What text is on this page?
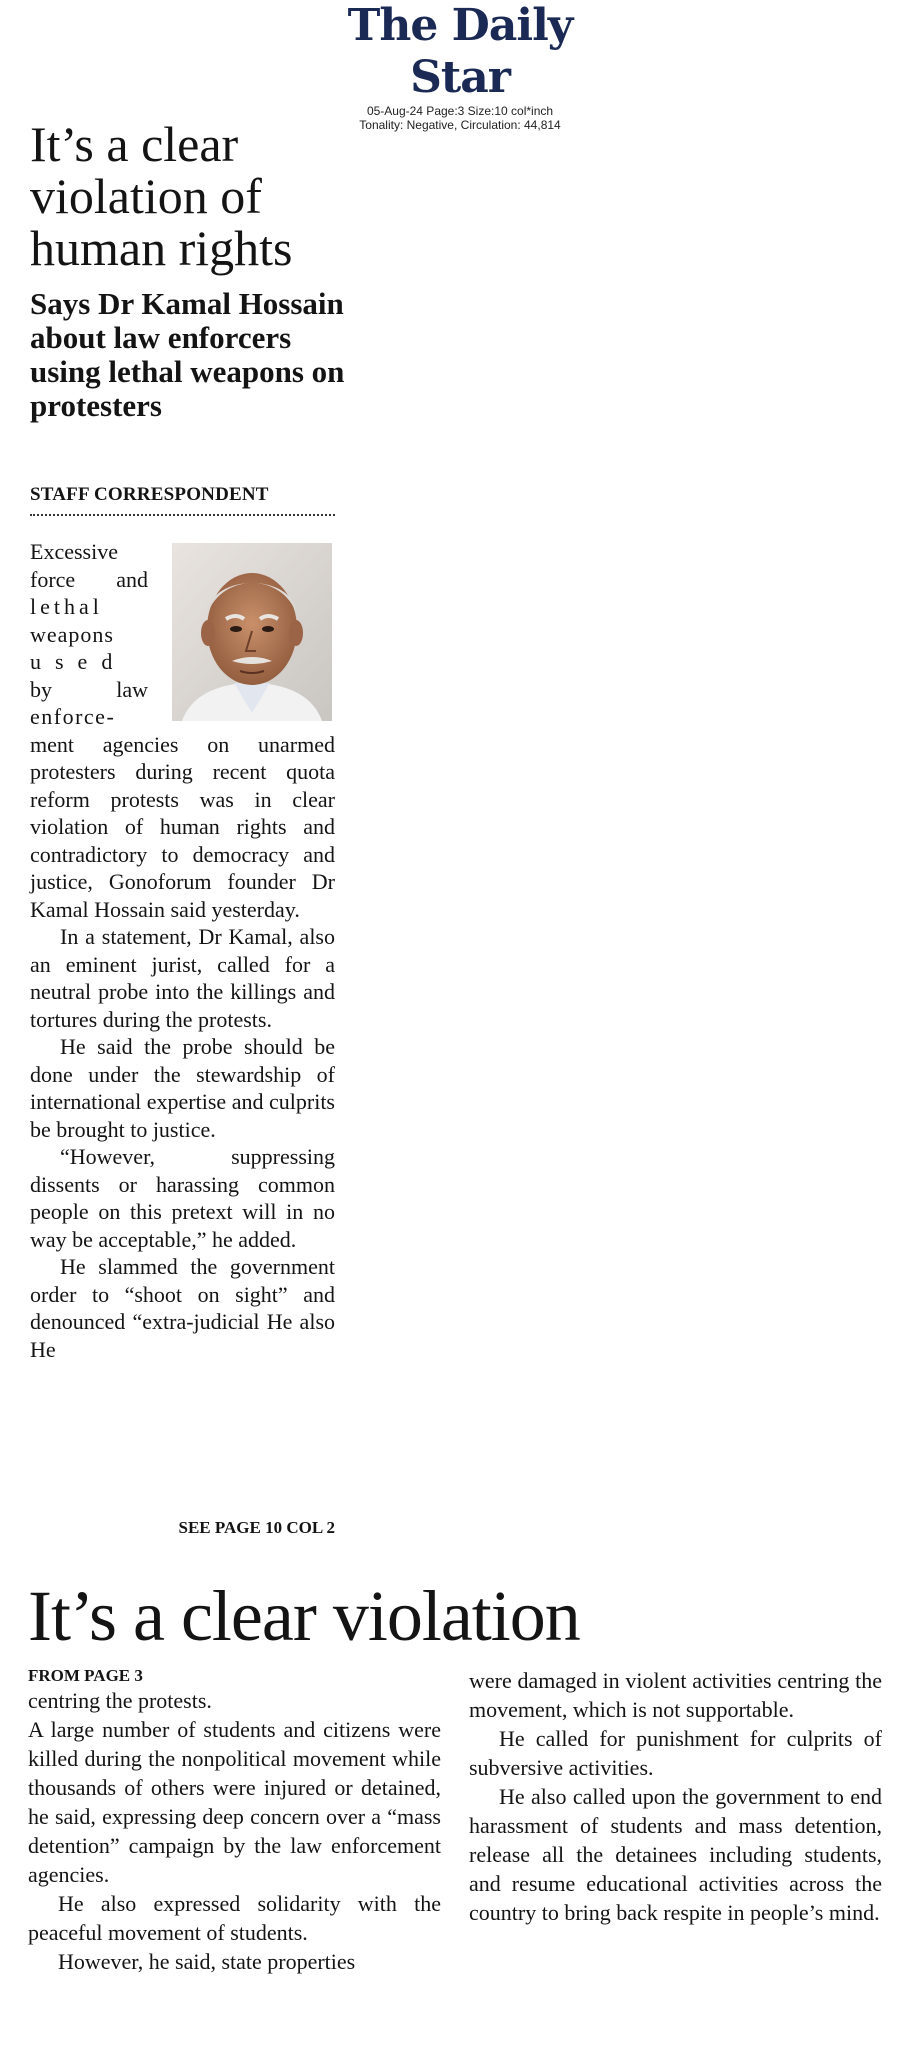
The Daily Star
05-Aug-24 Page:3 Size:10 col*inch
Tonality: Negative, Circulation: 44,814
It’s a clear violation of human rights
Says Dr Kamal Hossain about law enforcers using lethal weapons on protesters
STAFF CORRESPONDENT

Excessive
force and
lethal
weapons
used
by law
enforce-
ment agencies on unarmed protesters during recent quota reform protests was in clear violation of human rights and contradictory to democracy and justice, Gonoforum founder Dr Kamal Hossain said yesterday.

In a statement, Dr Kamal, also an eminent jurist, called for a neutral probe into the killings and tortures during the protests.

He said the probe should be done under the stewardship of international expertise and culprits be brought to justice.

“However, suppressing dissents or harassing common people on this pretext will in no way be acceptable,” he added.

He slammed the government order to “shoot on sight” and denounced “extra-judicial He also He

SEE PAGE 10 COL 2
It’s a clear violation
FROM PAGE 3

centring the protests.

A large number of students and citizens were killed during the nonpolitical movement while thousands of others were injured or detained, he said, expressing deep concern over a “mass detention” campaign by the law enforcement agencies.

He also expressed solidarity with the peaceful movement of students.

However, he said, state properties

were damaged in violent activities centring the movement, which is not supportable.

He called for punishment for culprits of subversive activities.

He also called upon the government to end harassment of students and mass detention, release all the detainees including students, and resume educational activities across the country to bring back respite in people’s mind.
